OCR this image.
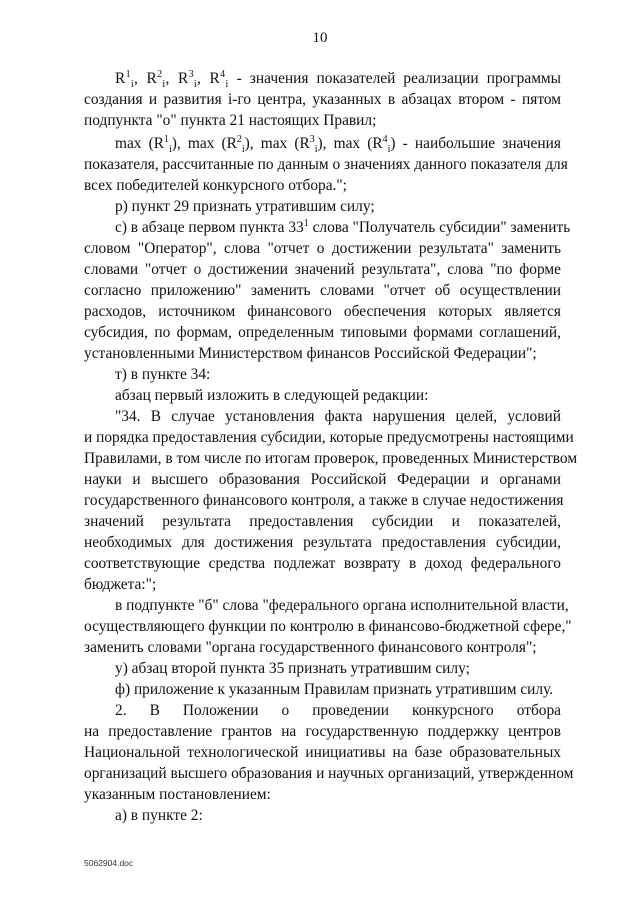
10
$R^1_i$, $R^2_i$, $R^3_i$, $R^4_i$ - значения показателей реализации программы
создания и развития i-го центра, указанных в абзацах втором - пятом
подпункта "о" пункта 21 настоящих Правил;
$\max (R^1_i)$, $\max (R^2_i)$, $\max (R^3_i)$, $\max (R^4_i)$ - наибольшие значения
показателя, рассчитанные по данным о значениях данного показателя для
всех победителей конкурсного отбора.";
р) пункт 29 признать утратившим силу;
с) в абзаце первом пункта $33^1$ слова "Получатель субсидии" заменить
словом "Оператор", слова "отчет о достижении результата" заменить
словами "отчет о достижении значений результата", слова "по форме
согласно приложению" заменить словами "отчет об осуществлении
расходов, источником финансового обеспечения которых является
субсидия, по формам, определенным типовыми формами соглашений,
установленными Министерством финансов Российской Федерации";
т) в пункте 34:
абзац первый изложить в следующей редакции:
"34. В случае установления факта нарушения целей, условий
и порядка предоставления субсидии, которые предусмотрены настоящими
Правилами, в том числе по итогам проверок, проведенных Министерством
науки и высшего образования Российской Федерации и органами
государственного финансового контроля, а также в случае недостижения
значений результата предоставления субсидии и показателей,
необходимых для достижения результата предоставления субсидии,
соответствующие средства подлежат возврату в доход федерального
бюджета:";
в подпункте "б" слова "федерального органа исполнительной власти,
осуществляющего функции по контролю в финансово-бюджетной сфере,"
заменить словами "органа государственного финансового контроля";
у) абзац второй пункта 35 признать утратившим силу;
ф) приложение к указанным Правилам признать утратившим силу.
2. В Положении о проведении конкурсного отбора
на предоставление грантов на государственную поддержку центров
Национальной технологической инициативы на базе образовательных
организаций высшего образования и научных организаций, утвержденном
указанным постановлением:
а) в пункте 2:
5062904.doc
